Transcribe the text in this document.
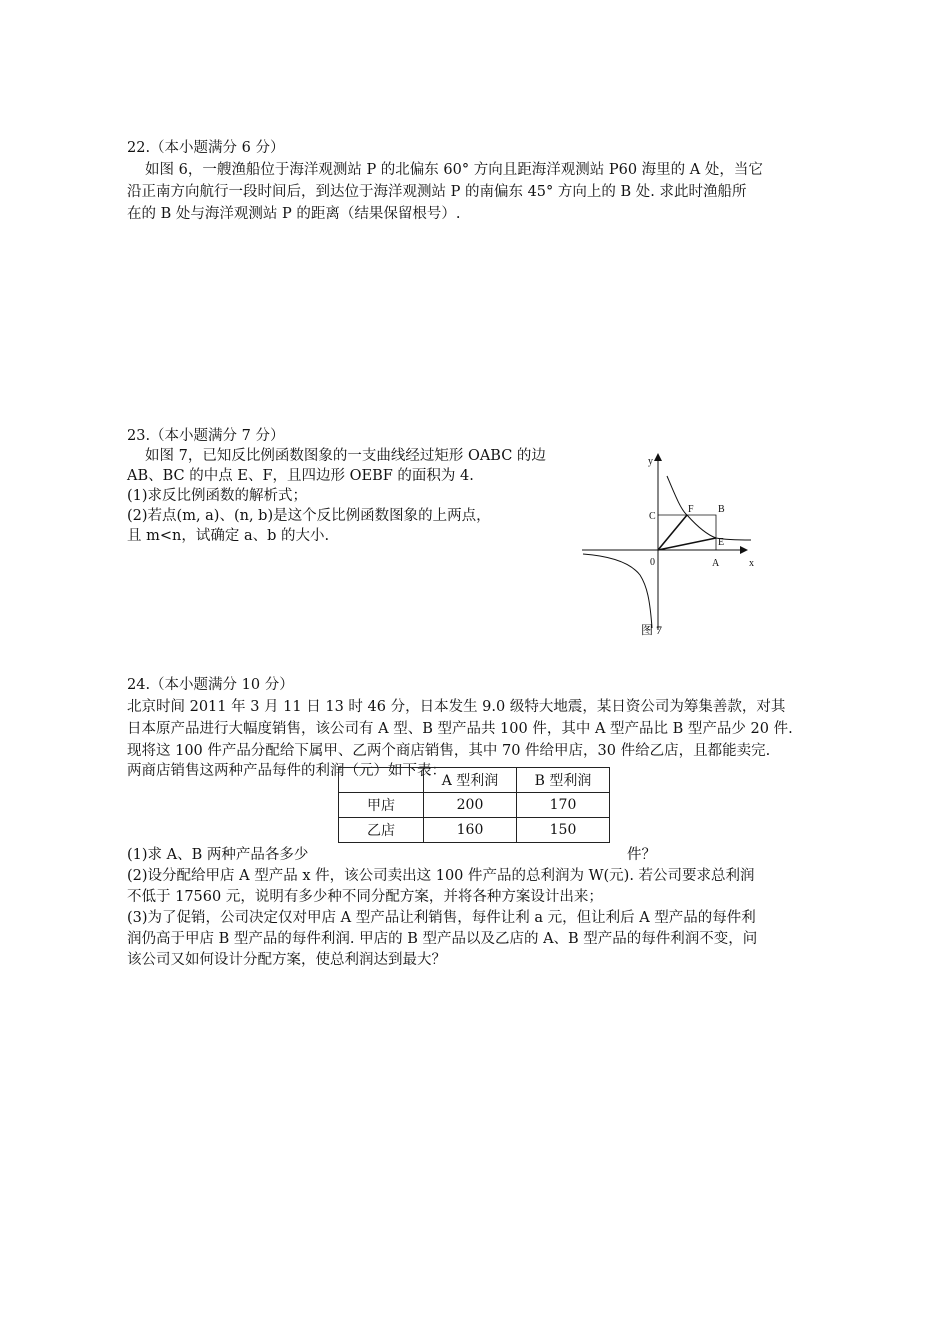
22.（本小题满分 6 分）
如图 6，一艘渔船位于海洋观测站 P 的北偏东 60° 方向且距海洋观测站 P60 海里的 A 处，当它
沿正南方向航行一段时间后，到达位于海洋观测站 P 的南偏东 45° 方向上的 B 处. 求此时渔船所
在的 B 处与海洋观测站 P 的距离（结果保留根号）.
23.（本小题满分 7 分）
如图 7，已知反比例函数图象的一支曲线经过矩形 OABC 的边
AB、BC 的中点 E、F，且四边形 OEBF 的面积为 4.
(1)求反比例函数的解析式；
(2)若点(m, a)、(n, b)是这个反比例函数图象的上两点，
且 m<n，试确定 a、b 的大小.
y
x
0	A
B
C
E
F
图 7
24.（本小题满分 10 分）
北京时间 2011 年 3 月 11 日 13 时 46 分，日本发生 9.0 级特大地震，某日资公司为筹集善款，对其
日本原产品进行大幅度销售，该公司有 A 型、B 型产品共 100 件，其中 A 型产品比 B 型产品少 20 件.
现将这 100 件产品分配给下属甲、乙两个商店销售，其中 70 件给甲店，30 件给乙店，且都能卖完.
两商店销售这两种产品每件的利润（元）如下表：
	A 型利润	B 型利润
甲店	200	170
乙店	160	150
(1)求 A、B 两种产品各多少	件？
(2)设分配给甲店 A 型产品 x 件，该公司卖出这 100 件产品的总利润为 W(元). 若公司要求总利润
不低于 17560 元，说明有多少种不同分配方案，并将各种方案设计出来；
(3)为了促销，公司决定仅对甲店 A 型产品让利销售，每件让利 a 元，但让利后 A 型产品的每件利
润仍高于甲店 B 型产品的每件利润. 甲店的 B 型产品以及乙店的 A、B 型产品的每件利润不变，问
该公司又如何设计分配方案，使总利润达到最大？
